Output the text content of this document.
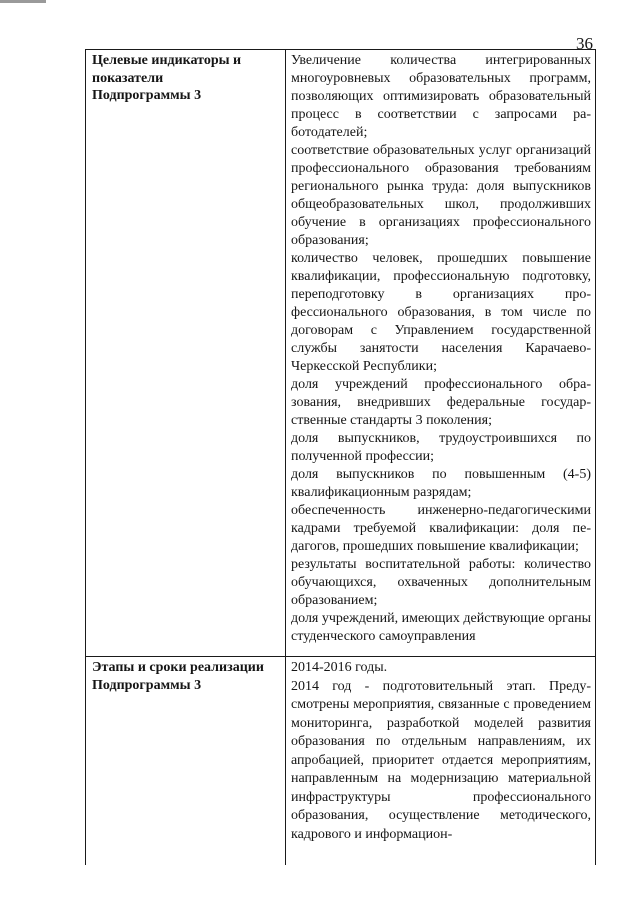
36
Целевые индикаторы и
показатели
Подпрограммы 3
Увеличение количества интегрированных многоуровневых образовательных программ, позволяющих оптимизировать образовательный процесс в соответствии с запросами работодателей;
соответствие образовательных услуг организаций профессионального образования требованиям регионального рынка труда: доля выпускников общеобразовательных школ, продолживших обучение в организациях профессионального образования;
количество человек, прошедших повышение квалификации, профессиональную подготовку, переподготовку в организациях профессионального образования, в том числе по договорам с Управлением государственной службы занятости населения Карачаево-Черкесской Республики;
доля учреждений профессионального образования, внедривших федеральные государственные стандарты 3 поколения;
доля выпускников, трудоустроившихся по полученной профессии;
доля выпускников по повышенным (4-5) квалификационным разрядам;
обеспеченность инженерно-педагогическими кадрами требуемой квалификации: доля педагогов, прошедших повышение квалификации;
результаты воспитательной работы: количество обучающихся, охваченных дополнительным образованием;
доля учреждений, имеющих действующие органы студенческого самоуправления
Этапы и сроки реализации
Подпрограммы 3
2014-2016 годы.
2014 год - подготовительный этап. Предусмотрены мероприятия, связанные с проведением мониторинга, разработкой моделей развития образования по отдельным направлениям, их апробацией, приоритет отдается мероприятиям, направленным на модернизацию материальной инфраструктуры профессионального образования, осуществление методического, кадрового и информацион-
